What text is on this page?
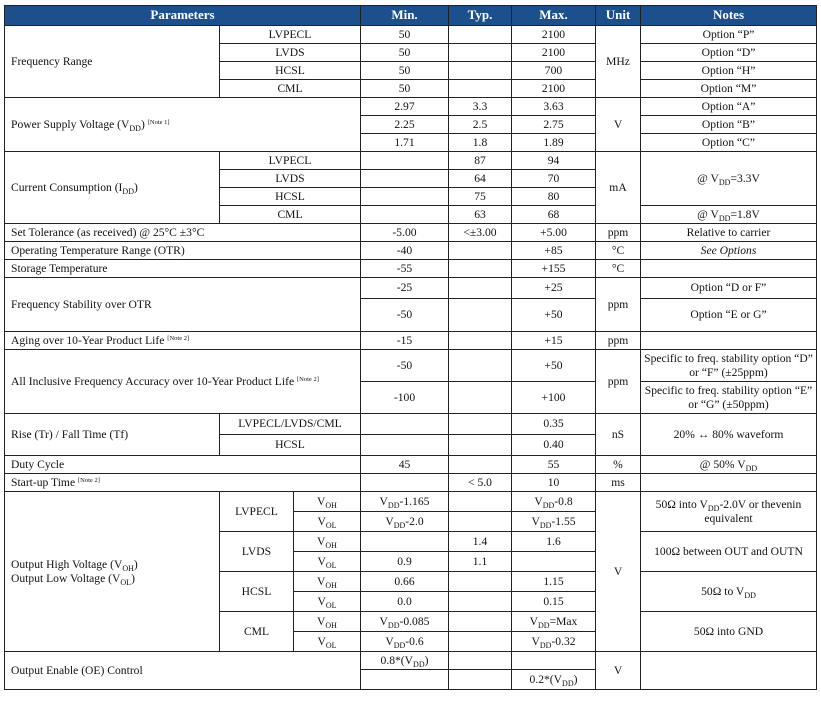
Parameters			Min.	Typ.	Max.	Unit	Notes
Frequency Range	LVPECL		50		2100	MHz	Option “P”
	LVDS		50		2100		Option “D”
	HCSL		50		700		Option “H”
	CML		50		2100		Option “M”
Power Supply Voltage $(V_{DD})$ [Note 1]			2.97	3.3	3.63	V	Option “A”
			2.25	2.5	2.75		Option “B”
			1.71	1.8	1.89		Option “C”
Current Consumption $(I_{DD})$	LVPECL			87	94	mA	@ $V_{DD}=3.3V$
	LVDS			64	70		
	HCSL			75	80		
	CML			63	68		@ $V_{DD}=1.8V$
Set Tolerance (as received) @ 25°C ±3°C			-5.00	<±3.00	+5.00	ppm	Relative to carrier
Operating Temperature Range (OTR)			-40		+85	°C	See Options
Storage Temperature			-55		+155	°C	
Frequency Stability over OTR			-25		+25	ppm	Option “D or F”
			-50		+50		Option “E or G”
Aging over 10-Year Product Life [Note 2]			-15		+15	ppm	
All Inclusive Frequency Accuracy over 10-Year Product Life [Note 2]			-50		+50	ppm	Specific to freq. stability option “D” or “F” (±25ppm)
			-100		+100		Specific to freq. stability option “E” or “G” (±50ppm)
Rise (Tr) / Fall Time (Tf)	LVPECL/LVDS/CML				0.35	nS	20% ↔ 80% waveform
	HCSL				0.40		
Duty Cycle			45		55	%	@ 50% $V_{DD}$
Start-up Time [Note 2]				< 5.0	10	ms	
Output High Voltage $(V_{OH})$
Output Low Voltage $(V_{OL})$	LVPECL	$V_{OH}$	$V_{DD}-1.165$		$V_{DD}-0.8$	V	50Ω into $V_{DD}-2.0V$ or thevenin equivalent
		$V_{OL}$	$V_{DD}-2.0$		$V_{DD}-1.55$		
	LVDS	$V_{OH}$		1.4	1.6		100Ω between OUT and OUTN
		$V_{OL}$	0.9	1.1			
	HCSL	$V_{OH}$	0.66		1.15		50Ω to $V_{DD}$
		$V_{OL}$	0.0		0.15		
	CML	$V_{OH}$	$V_{DD}-0.085$		$V_{DD}=Max$		50Ω into GND
		$V_{OL}$	$V_{DD}-0.6$		$V_{DD}-0.32$		
Output Enable (OE) Control			$0.8*(V_{DD})$			V	
					$0.2*(V_{DD})$		
